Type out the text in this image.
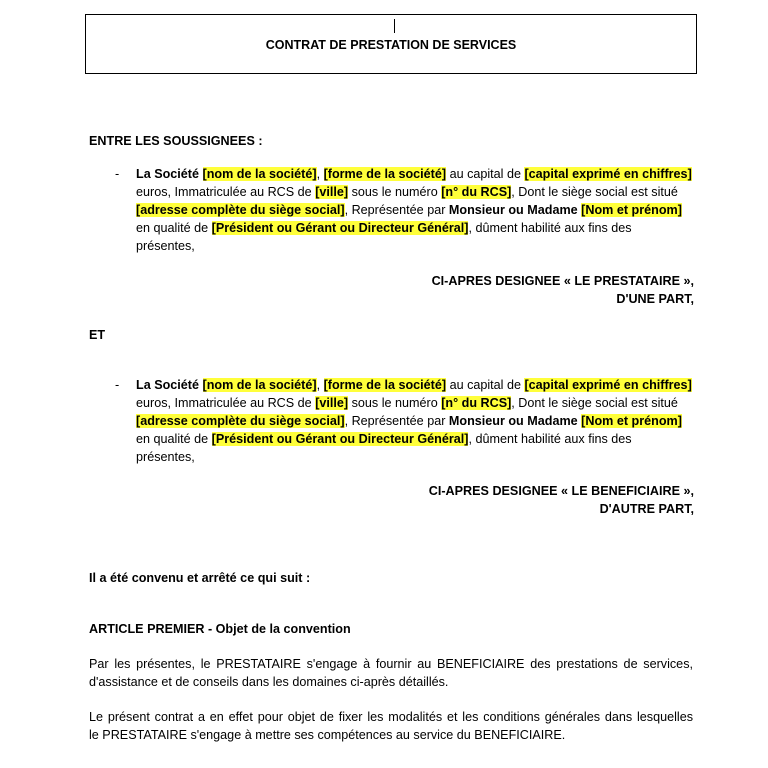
CONTRAT DE PRESTATION DE SERVICES
ENTRE LES SOUSSIGNEES :
- La Société [nom de la société], [forme de la société] au capital de [capital exprimé en chiffres]
euros, Immatriculée au RCS de [ville] sous le numéro [n° du RCS], Dont le siège social est situé
[adresse complète du siège social], Représentée par Monsieur ou Madame [Nom et prénom]
en qualité de [Président ou Gérant ou Directeur Général], dûment habilité aux fins des
présentes,
CI-APRES DESIGNEE « LE PRESTATAIRE »,
D'UNE PART,
ET
- La Société [nom de la société], [forme de la société] au capital de [capital exprimé en chiffres]
euros, Immatriculée au RCS de [ville] sous le numéro [n° du RCS], Dont le siège social est situé
[adresse complète du siège social], Représentée par Monsieur ou Madame [Nom et prénom]
en qualité de [Président ou Gérant ou Directeur Général], dûment habilité aux fins des
présentes,
CI-APRES DESIGNEE « LE BENEFICIAIRE »,
D'AUTRE PART,
Il a été convenu et arrêté ce qui suit :
ARTICLE PREMIER - Objet de la convention
Par les présentes, le PRESTATAIRE s'engage à fournir au BENEFICIAIRE des prestations de services,
d'assistance et de conseils dans les domaines ci-après détaillés.
Le présent contrat a en effet pour objet de fixer les modalités et les conditions générales dans lesquelles
le PRESTATAIRE s'engage à mettre ses compétences au service du BENEFICIAIRE.
